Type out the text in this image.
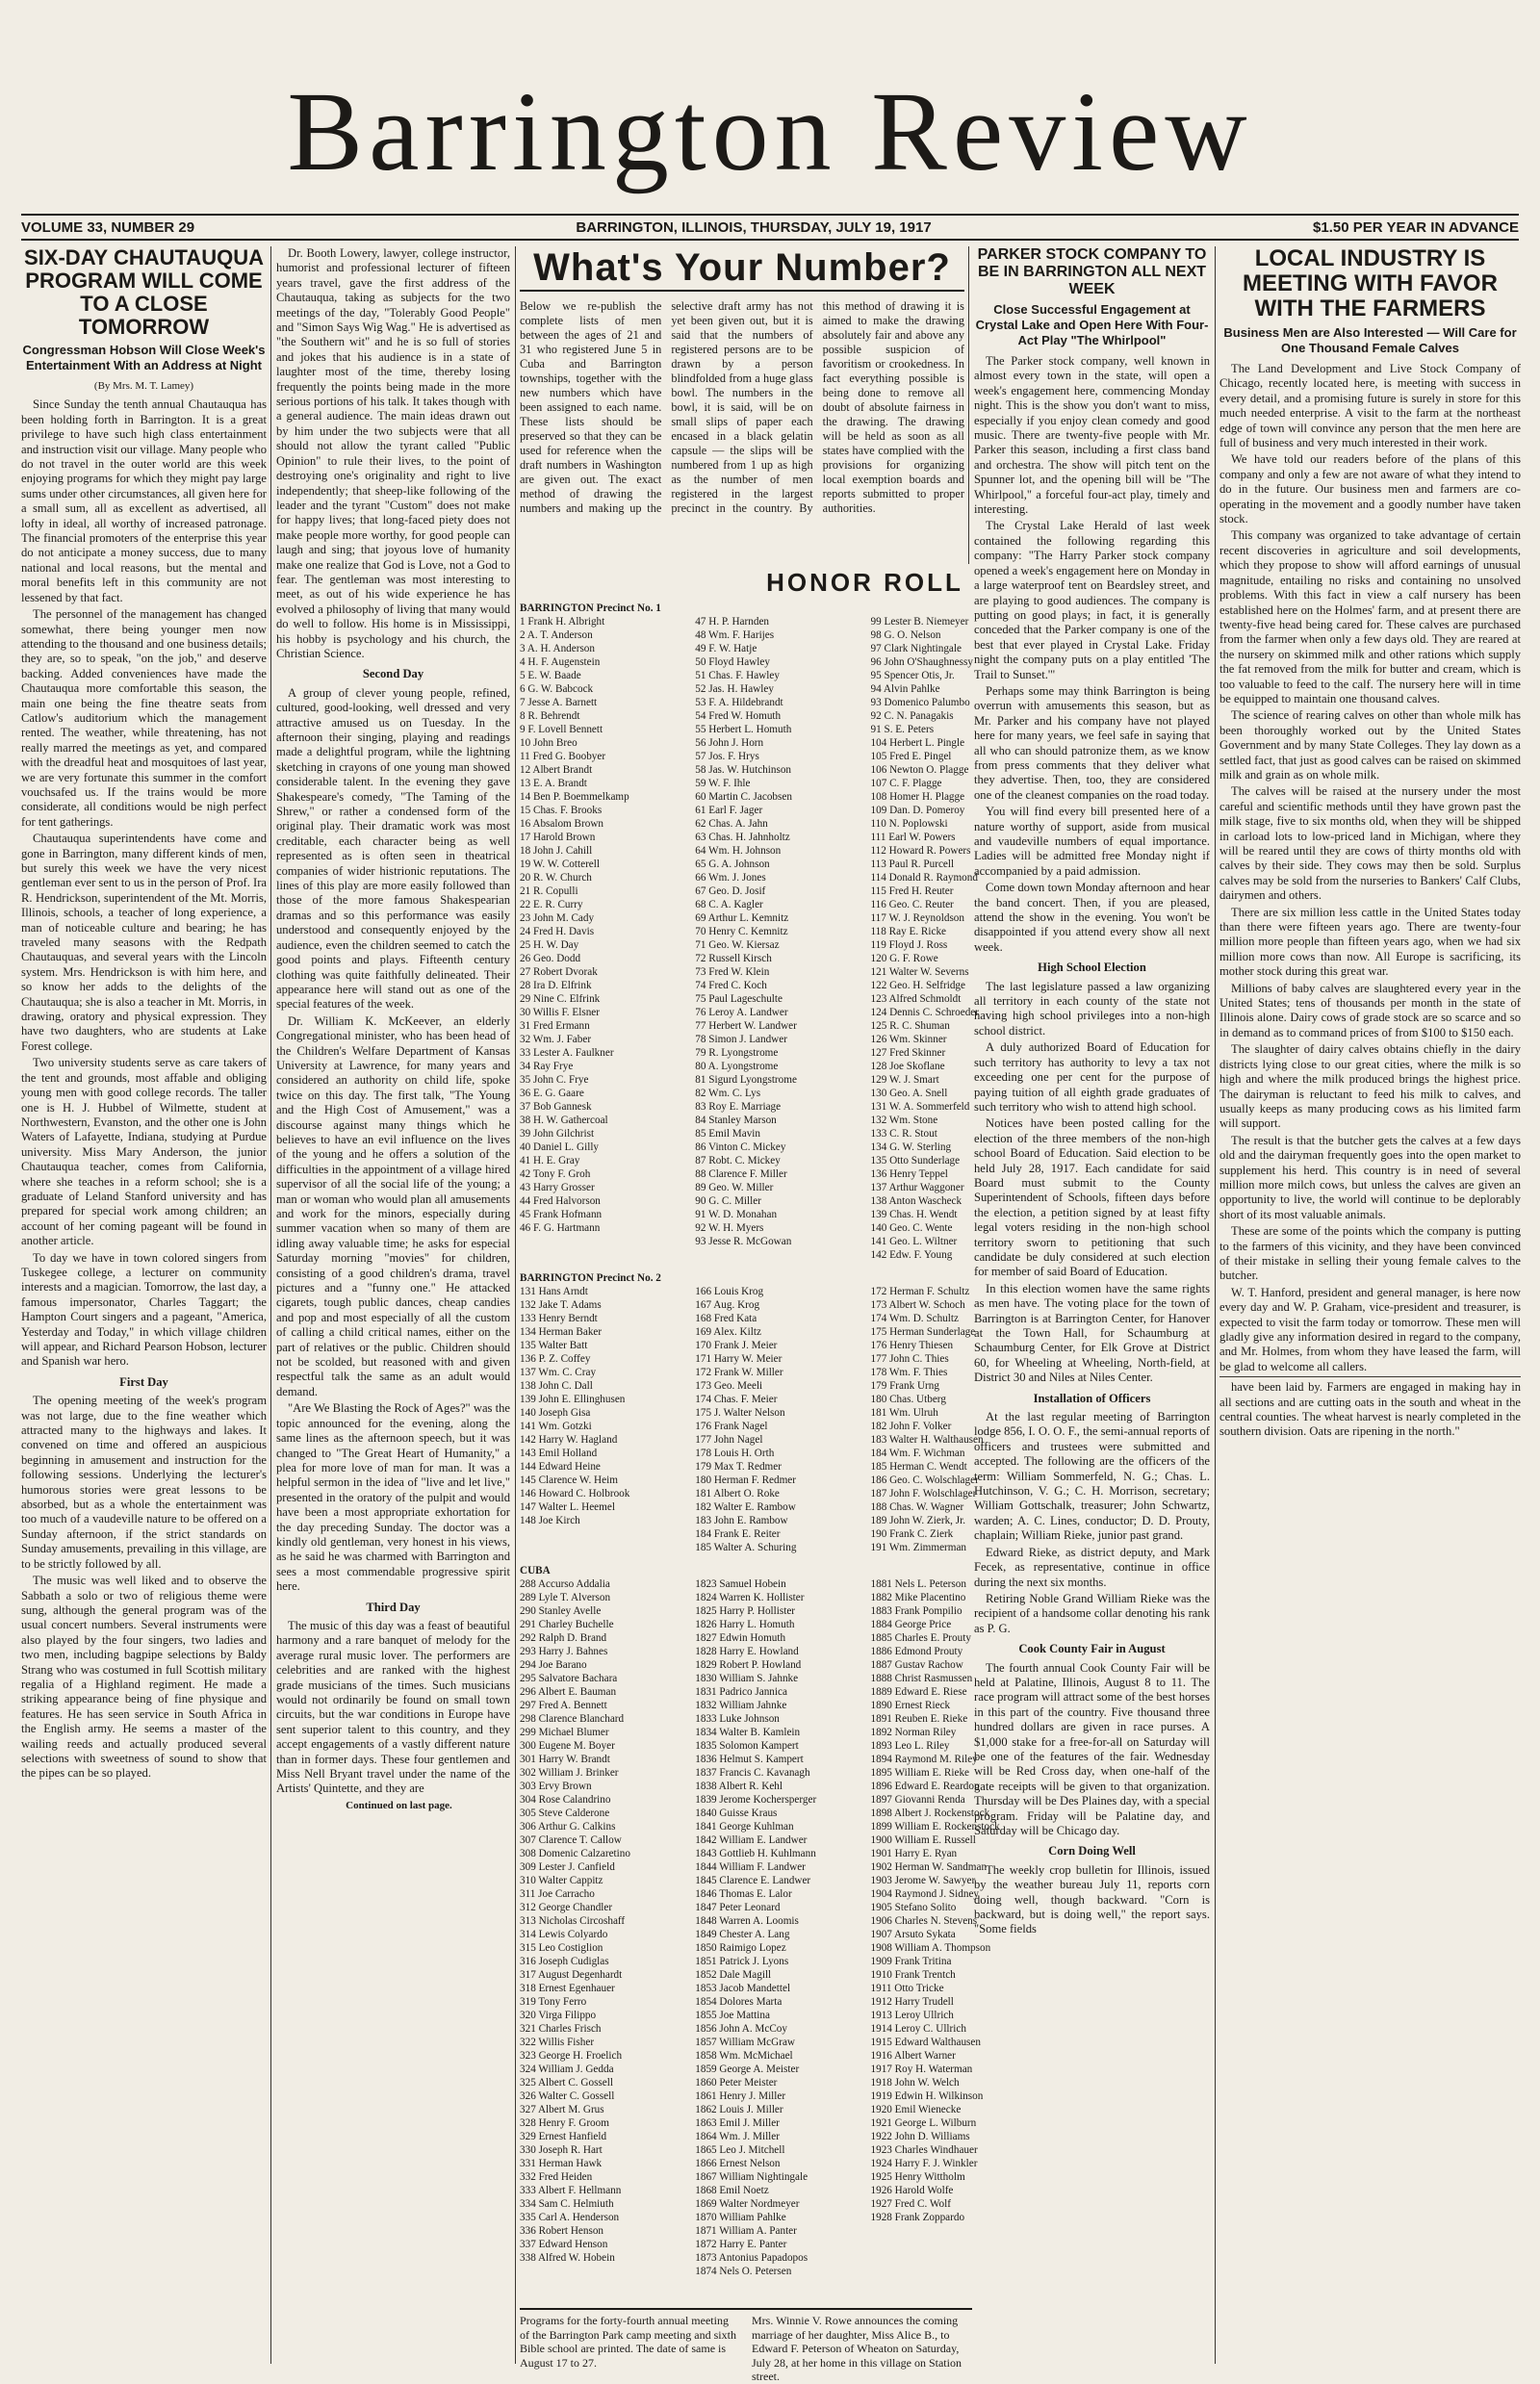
Barrington Review
VOLUME 33, NUMBER 29	BARRINGTON, ILLINOIS, THURSDAY, JULY 19, 1917	$1.50 PER YEAR IN ADVANCE
SIX-DAY CHAUTAUQUA PROGRAM WILL COME TO A CLOSE TOMORROW
Congressman Hobson Will Close Week's Entertainment With an Address at Night
(By Mrs. M. T. Lamey)

Since Sunday the tenth annual Chautauqua has been holding forth in Barrington. It is a great privilege to have such high class entertainment and instruction visit our village. Many people who do not travel in the outer world are this week enjoying programs for which they might pay large sums under other circumstances, all given here for a small sum, all as excellent as advertised, all lofty in ideal, all worthy of increased patronage. The financial promoters of the enterprise this year do not anticipate a money success, due to many national and local reasons, but the mental and moral benefits left in this community are not lessened by that fact.

The personnel of the management has changed somewhat, there being younger men now attending to the thousand and one business details; they are, so to speak, "on the job," and deserve backing. Added conveniences have made the Chautauqua more comfortable this season, the main one being the fine theatre seats from Catlow's auditorium which the management rented. The weather, while threatening, has not really marred the meetings as yet, and compared with the dreadful heat and mosquitoes of last year, we are very fortunate this summer in the comfort vouchsafed us. If the trains would be more considerate, all conditions would be nigh perfect for tent gatherings.

Chautauqua superintendents have come and gone in Barrington, many different kinds of men, but surely this week we have the very nicest gentleman ever sent to us in the person of Prof. Ira R. Hendrickson, superintendent of the Mt. Morris, Illinois, schools, a teacher of long experience, a man of noticeable culture and bearing; he has traveled many seasons with the Redpath Chautauquas, and several years with the Lincoln system. Mrs. Hendrickson is with him here, and so know her adds to the delights of the Chautauqua; she is also a teacher in Mt. Morris, in drawing, oratory and physical expression. They have two daughters, who are students at Lake Forest college.

Two university students serve as care takers of the tent and grounds, most affable and obliging young men with good college records. The taller one is H. J. Hubbel of Wilmette, student at Northwestern, Evanston, and the other one is John Waters of Lafayette, Indiana, studying at Purdue university. Miss Mary Anderson, the junior Chautauqua teacher, comes from California, where she teaches in a reform school; she is a graduate of Leland Stanford university and has prepared for special work among children; an account of her coming pageant will be found in another article.

To day we have in town colored singers from Tuskegee college, a lecturer on community interests and a magician. Tomorrow, the last day, a famous impersonator, Charles Taggart; the Hampton Court singers and a pageant, "America, Yesterday and Today," in which village children will appear, and Richard Pearson Hobson, lecturer and Spanish war hero.

First Day

The opening meeting of the week's program was not large, due to the fine weather which attracted many to the highways and lakes. It convened on time and offered an auspicious beginning in amusement and instruction for the following sessions. Underlying the lecturer's humorous stories were great lessons to be absorbed, but as a whole the entertainment was too much of a vaudeville nature to be offered on a Sunday afternoon, if the strict standards on Sunday amusements, prevailing in this village, are to be strictly followed by all.

The music was well liked and to observe the Sabbath a solo or two of religious theme were sung, although the general program was of the usual concert numbers. Several instruments were also played by the four singers, two ladies and two men, including bagpipe selections by Baldy Strang who was costumed in full Scottish military regalia of a Highland regiment. He made a striking appearance being of fine physique and features. He has seen service in South Africa in the English army. He seems a master of the wailing reeds and actually produced several selections with sweetness of sound to show that the pipes can be so played.

Dr. Booth Lowery, lawyer, college instructor, humorist and professional lecturer of fifteen years travel, gave the first address of the Chautauqua, taking as subjects for the two meetings of the day, "Tolerably Good People" and "Simon Says Wig Wag." He is advertised as "the Southern wit" and he is so full of stories and jokes that his audience is in a state of laughter most of the time, thereby losing frequently the points being made in the more serious portions of his talk. It takes though with a general audience. The main ideas drawn out by him under the two subjects were that all should not allow the tyrant called "Public Opinion" to rule their lives, to the point of destroying one's originality and right to live independently; that sheep-like following of the leader and the tyrant "Custom" does not make for happy lives; that long-faced piety does not make people more worthy, for good people can laugh and sing; that joyous love of humanity make one realize that God is Love, not a God to fear. The gentleman was most interesting to meet, as out of his wide experience he has evolved a philosophy of living that many would do well to follow. His home is in Mississippi, his hobby is psychology and his church, the Christian Science.

Second Day

A group of clever young people, refined, cultured, good-looking, well dressed and very attractive amused us on Tuesday. In the afternoon their singing, playing and readings made a delightful program, while the lightning sketching in crayons of one young man showed considerable talent. In the evening they gave Shakespeare's comedy, "The Taming of the Shrew," or rather a condensed form of the original play. Their dramatic work was most creditable, each character being as well represented as is often seen in theatrical companies of wider histrionic reputations. The lines of this play are more easily followed than those of the more famous Shakespearian dramas and so this performance was easily understood and consequently enjoyed by the audience, even the children seemed to catch the good points and plays. Fifteenth century clothing was quite faithfully delineated. Their appearance here will stand out as one of the special features of the week.

Dr. William K. McKeever, an elderly Congregational minister, who has been head of the Children's Welfare Department of Kansas University at Lawrence, for many years and considered an authority on child life, spoke twice on this day. The first talk, "The Young and the High Cost of Amusement," was a discourse against many things which he believes to have an evil influence on the lives of the young and he offers a solution of the difficulties in the appointment of a village hired supervisor of all the social life of the young; a man or woman who would plan all amusements and work for the minors, especially during summer vacation when so many of them are idling away valuable time; he asks for especial Saturday morning "movies" for children, consisting of a good children's drama, travel pictures and a "funny one." He attacked cigarets, tough public dances, cheap candies and pop and most especially of all the custom of calling a child critical names, either on the part of relatives or the public. Children should not be scolded, but reasoned with and given respectful talk the same as an adult would demand.

"Are We Blasting the Rock of Ages?" was the topic announced for the evening, along the same lines as the afternoon speech, but it was changed to "The Great Heart of Humanity," a plea for more love of man for man. It was a helpful sermon in the idea of "live and let live," presented in the oratory of the pulpit and would have been a most appropriate exhortation for the day preceding Sunday. The doctor was a kindly old gentleman, very honest in his views, as he said he was charmed with Barrington and sees a most commendable progressive spirit here.

Third Day

The music of this day was a feast of beautiful harmony and a rare banquet of melody for the average rural music lover. The performers are celebrities and are ranked with the highest grade musicians of the times. Such musicians would not ordinarily be found on small town circuits, but the war conditions in Europe have sent superior talent to this country, and they accept engagements of a vastly different nature than in former days. These four gentlemen and Miss Nell Bryant travel under the name of the Artists' Quintette, and they are

Continued on last page.

What's Your Number?
Below we re-publish the complete lists of men between the ages of 21 and 31 who registered June 5 in Cuba and Barrington townships, together with the new numbers which have been assigned to each name. These lists should be preserved so that they can be used for reference when the draft numbers in Washington are given out. The exact method of drawing the numbers and making up the selective draft army has not yet been given out, but it is said that the numbers of registered persons are to be drawn by a person blindfolded from a huge glass bowl. The numbers in the bowl, it is said, will be on small slips of paper each encased in a black gelatin capsule — the slips will be numbered from 1 up as high as the number of men registered in the largest precinct in the country. By this method of drawing it is aimed to make the drawing absolutely fair and above any possible suspicion of favoritism or crookedness. In fact everything possible is being done to remove all doubt of absolute fairness in the drawing. The drawing will be held as soon as all states have complied with the provisions for organizing local exemption boards and reports submitted to proper authorities.
HONOR ROLL
BARRINGTON Precinct No. 1
1 Frank H. Albright	47 H. P. Harnden	99 Lester B. Niemeyer
2 A. T. Anderson	48 Wm. F. Harijes	98 G. O. Nelson
3 A. H. Anderson	49 F. W. Hatje	97 Clark Nightingale
4 H. F. Augenstein	50 Floyd Hawley	96 John O'Shaughnessy
5 E. W. Baade	51 Chas. F. Hawley	95 Spencer Otis, Jr.
6 G. W. Babcock	52 Jas. H. Hawley	94 Alvin Pahlke
7 Jesse A. Barnett	53 F. A. Hildebrandt	93 Domenico Palumbo
8 R. Behrendt	54 Fred W. Homuth	92 C. N. Panagakis
9 F. Lovell Bennett	55 Herbert L. Homuth	91 S. E. Peters
10 John Breo	56 John J. Horn	104 Herbert L. Pingle
11 Fred G. Boobyer	57 Jos. F. Hrys	105 Fred E. Pingel
12 Albert Brandt	58 Jas. W. Hutchinson	106 Newton O. Plagge
13 E. A. Brandt	59 W. F. Ihle	107 C. F. Plagge
14 Ben P. Boemmelkamp	60 Martin C. Jacobsen	108 Homer H. Plagge
15 Chas. F. Brooks	61 Earl F. Jager	109 Dan. D. Pomeroy
16 Absalom Brown	62 Chas. A. Jahn	110 N. Poplowski
17 Harold Brown	63 Chas. H. Jahnholtz	111 Earl W. Powers
18 John J. Cahill	64 Wm. H. Johnson	112 Howard R. Powers
19 W. W. Cotterell	65 G. A. Johnson	113 Paul R. Purcell
20 R. W. Church	66 Wm. J. Jones	114 Donald R. Raymond
21 R. Copulli	67 Geo. D. Josif	115 Fred H. Reuter
22 E. R. Curry	68 C. A. Kagler	116 Geo. C. Reuter
23 John M. Cady	69 Arthur L. Kemnitz	117 W. J. Reynoldson
24 Fred H. Davis	70 Henry C. Kemnitz	118 Ray E. Ricke
25 H. W. Day	71 Geo. W. Kiersaz	119 Floyd J. Ross
26 Geo. Dodd	72 Russell Kirsch	120 G. F. Rowe
27 Robert Dvorak	73 Fred W. Klein	121 Walter W. Severns
28 Ira D. Elfrink	74 Fred C. Koch	122 Geo. H. Selfridge
29 Nine C. Elfrink	75 Paul Lageschulte	123 Alfred Schmoldt
30 Willis F. Elsner	76 Leroy A. Landwer	124 Dennis C. Schroeder
31 Fred Ermann	77 Herbert W. Landwer	125 R. C. Shuman
32 Wm. J. Faber	78 Simon J. Landwer	126 Wm. Skinner
33 Lester A. Faulkner	79 R. Lyongstrome	127 Fred Skinner
34 Ray Frye	80 A. Lyongstrome	128 Joe Skoflane
35 John C. Frye	81 Sigurd Lyongstrome	129 W. J. Smart
36 E. G. Gaare	82 Wm. C. Lys	130 Geo. A. Snell
37 Bob Gannesk	83 Roy E. Marriage	131 W. A. Sommerfeld
38 H. W. Gathercoal	84 Stanley Marson	132 Wm. Stone
39 John Gilchrist	85 Emil Mavin	133 C. R. Stout
40 Daniel L. Gilly	86 Vinton C. Mickey	134 G. W. Sterling
41 H. E. Gray	87 Robt. C. Mickey	135 Otto Sunderlage
42 Tony F. Groh	88 Clarence F. Miller	136 Henry Teppel
43 Harry Grosser	89 Geo. W. Miller	137 Arthur Waggoner
44 Fred Halvorson	90 G. C. Miller	138 Anton Wascheck
45 Frank Hofmann	91 W. D. Monahan	139 Chas. H. Wendt
46 F. G. Hartmann	92 W. H. Myers	140 Geo. C. Wente
93 Jesse R. McGowan	141 Geo. L. Wiltner
142 Edw. F. Young
BARRINGTON Precinct No. 2
131 Hans Arndt	166 Louis Krog	172 Herman F. Schultz
132 Jake T. Adams	167 Aug. Krog	173 Albert W. Schoch
133 Henry Berndt	168 Fred Kata	174 Wm. D. Schultz
134 Herman Baker	169 Alex. Kiltz	175 Herman Sunderlage
135 Walter Batt	170 Frank J. Meier	176 Henry Thiesen
136 P. Z. Coffey	171 Harry W. Meier	177 John C. Thies
137 Wm. C. Cray	172 Frank W. Miller	178 Wm. F. Thies
138 John C. Dall	173 Geo. Meeli	179 Frank Urng
139 John E. Ellinghusen	174 Chas. F. Meier	180 Chas. Utberg
140 Joseph Gisa	175 J. Walter Nelson	181 Wm. Ulruh
141 Wm. Gotzki	176 Frank Nagel	182 John F. Volker
142 Harry W. Hagland	177 John Nagel	183 Walter H. Walthausen
143 Emil Holland	178 Louis H. Orth	184 Wm. F. Wichman
144 Edward Heine	179 Max T. Redmer	185 Herman C. Wendt
145 Clarence W. Heim	180 Herman F. Redmer	186 Geo. C. Wolschlager
146 Howard C. Holbrook	181 Albert O. Roke	187 John F. Wolschlager
147 Walter L. Heemel	182 Walter E. Rambow	188 Chas. W. Wagner
148 Joe Kirch	183 John E. Rambow	189 John W. Zierk, Jr.
184 Frank E. Reiter	190 Frank C. Zierk
185 Walter A. Schuring	191 Wm. Zimmerman
CUBA
288 Accurso Addalia	1823 Samuel Hobein	1881 Nels L. Peterson
289 Lyle T. Alverson	1824 Warren K. Hollister	1882 Mike Placentino
290 Stanley Avelle	1825 Harry P. Hollister	1883 Frank Pompilio
291 Charley Buchelle	1826 Harry L. Homuth	1884 George Price
292 Ralph D. Brand	1827 Edwin Homuth	1885 Charles E. Prouty
293 Harry J. Bahnes	1828 Harry E. Howland	1886 Edmond Prouty
294 Joe Barano	1829 Robert P. Howland	1887 Gustav Rachow
295 Salvatore Bachara	1830 William S. Jahnke	1888 Christ Rasmussen
296 Albert E. Bauman	1831 Padrico Jannica	1889 Edward E. Riese
297 Fred A. Bennett	1832 William Jahnke	1890 Ernest Rieck
298 Clarence Blanchard	1833 Luke Johnson	1891 Reuben E. Rieke
299 Michael Blumer	1834 Walter B. Kamlein	1892 Norman Riley
300 Eugene M. Boyer	1835 Solomon Kampert	1893 Leo L. Riley
301 Harry W. Brandt	1836 Helmut S. Kampert	1894 Raymond M. Riley
302 William J. Brinker	1837 Francis C. Kavanagh	1895 William E. Rieke
303 Ervy Brown	1838 Albert R. Kehl	1896 Edward E. Reardon
304 Rose Calandrino	1839 Jerome Kochersperger	1897 Giovanni Renda
305 Steve Calderone	1840 Guisse Kraus	1898 Albert J. Rockenstock
306 Arthur G. Calkins	1841 George Kuhlman	1899 William E. Rockenstock
307 Clarence T. Callow	1842 William E. Landwer	1900 William E. Russell
308 Domenic Calzaretino	1843 Gottlieb H. Kuhlmann	1901 Harry E. Ryan
309 Lester J. Canfield	1844 William F. Landwer	1902 Herman W. Sandman
310 Walter Cappitz	1845 Clarence E. Landwer	1903 Jerome W. Sawyer
311 Joe Carracho	1846 Thomas E. Lalor	1904 Raymond J. Sidney
312 George Chandler	1847 Peter Leonard	1905 Stefano Solito
313 Nicholas Circoshaff	1848 Warren A. Loomis	1906 Charles N. Stevens
314 Lewis Colyardo	1849 Chester A. Lang	1907 Arsuto Sykata
315 Leo Costiglion	1850 Raimigo Lopez	1908 William A. Thompson
316 Joseph Cudiglas	1851 Patrick J. Lyons	1909 Frank Tritina
317 August Degenhardt	1852 Dale Magill	1910 Frank Trentch
318 Ernest Egenhauer	1853 Jacob Mandettel	1911 Otto Tricke
319 Tony Ferro	1854 Dolores Marta	1912 Harry Trudell
320 Virga Filippo	1855 Joe Mattina	1913 Leroy Ullrich
321 Charles Frisch	1856 John A. McCoy	1914 Leroy C. Ullrich
322 Willis Fisher	1857 William McGraw	1915 Edward Walthausen
323 George H. Froelich	1858 Wm. McMichael	1916 Albert Warner
324 William J. Gedda	1859 George A. Meister	1917 Roy H. Waterman
325 Albert C. Gossell	1860 Peter Meister	1918 John W. Welch
326 Walter C. Gossell	1861 Henry J. Miller	1919 Edwin H. Wilkinson
327 Albert M. Grus	1862 Louis J. Miller	1920 Emil Wienecke
328 Henry F. Groom	1863 Emil J. Miller	1921 George L. Wilburn
329 Ernest Hanfield	1864 Wm. J. Miller	1922 John D. Williams
330 Joseph R. Hart	1865 Leo J. Mitchell	1923 Charles Windhauer
331 Herman Hawk	1866 Ernest Nelson	1924 Harry F. J. Winkler
332 Fred Heiden	1867 William Nightingale	1925 Henry Wittholm
333 Albert F. Hellmann	1868 Emil Noetz	1926 Harold Wolfe
334 Sam C. Helmiuth	1869 Walter Nordmeyer	1927 Fred C. Wolf
335 Carl A. Henderson	1870 William Pahlke	1928 Frank Zoppardo
336 Robert Henson	1871 William A. Panter
337 Edward Henson	1872 Harry E. Panter
338 Alfred W. Hobein	1873 Antonius Papadopos
1874 Nels O. Petersen
Programs for the forty-fourth annual meeting of the Barrington Park camp meeting and sixth Bible school are printed. The date of same is August 17 to 27.
Mrs. Winnie V. Rowe announces the coming marriage of her daughter, Miss Alice B., to Edward F. Peterson of Wheaton on Saturday, July 28, at her home in this village on Station street.
PARKER STOCK COMPANY TO BE IN BARRINGTON ALL NEXT WEEK
Close Successful Engagement at Crystal Lake and Open Here With Four-Act Play "The Whirlpool"

The Parker stock company, well known in almost every town in the state, will open a week's engagement here, commencing Monday night. This is the show you don't want to miss, especially if you enjoy clean comedy and good music. There are twenty-five people with Mr. Parker this season, including a first class band and orchestra. The show will pitch tent on the Spunner lot, and the opening bill will be "The Whirlpool," a forceful four-act play, timely and interesting.

The Crystal Lake Herald of last week contained the following regarding this company: "The Harry Parker stock company opened a week's engagement here on Monday in a large waterproof tent on Beardsley street, and are playing to good audiences. The company is putting on good plays; in fact, it is generally conceded that the Parker company is one of the best that ever played in Crystal Lake. Friday night the company puts on a play entitled 'The Trail to Sunset.'"

Perhaps some may think Barrington is being overrun with amusements this season, but as Mr. Parker and his company have not played here for many years, we feel safe in saying that all who can should patronize them, as we know from press comments that they deliver what they advertise. Then, too, they are considered one of the cleanest companies on the road today.

You will find every bill presented here of a nature worthy of support, aside from musical and vaudeville numbers of equal importance. Ladies will be admitted free Monday night if accompanied by a paid admission.

Come down town Monday afternoon and hear the band concert. Then, if you are pleased, attend the show in the evening. You won't be disappointed if you attend every show all next week.

High School Election

The last legislature passed a law organizing all territory in each county of the state not having high school privileges into a non-high school district.

A duly authorized Board of Education for such territory has authority to levy a tax not exceeding one per cent for the purpose of paying tuition of all eighth grade graduates of such territory who wish to attend high school.

Notices have been posted calling for the election of the three members of the non-high school Board of Education. Said election to be held July 28, 1917. Each candidate for said Board must submit to the County Superintendent of Schools, fifteen days before the election, a petition signed by at least fifty legal voters residing in the non-high school territory sworn to petitioning that such candidate be duly considered at such election for member of said Board of Education.

In this election women have the same rights as men have. The voting place for the town of Barrington is at Barrington Center, for Hanover at the Town Hall, for Schaumburg at Schaumburg Center, for Elk Grove at District 60, for Wheeling at Wheeling, North-field, at District 30 and Niles at Niles Center.

Installation of Officers

At the last regular meeting of Barrington lodge 856, I. O. O. F., the semi-annual reports of officers and trustees were submitted and accepted. The following are the officers of the term: William Sommerfeld, N. G.; Chas. L. Hutchinson, V. G.; C. H. Morrison, secretary; William Gottschalk, treasurer; John Schwartz, warden; A. C. Lines, conductor; D. D. Prouty, chaplain; William Rieke, junior past grand.

Edward Rieke, as district deputy, and Mark Fecek, as representative, continue in office during the next six months.

Retiring Noble Grand William Rieke was the recipient of a handsome collar denoting his rank as P. G.

Cook County Fair in August

The fourth annual Cook County Fair will be held at Palatine, Illinois, August 8 to 11. The race program will attract some of the best horses in this part of the country. Five thousand three hundred dollars are given in race purses. A $1,000 stake for a free-for-all on Saturday will be one of the features of the fair. Wednesday will be Red Cross day, when one-half of the gate receipts will be given to that organization. Thursday will be Des Plaines day, with a special program. Friday will be Palatine day, and Saturday will be Chicago day.

Corn Doing Well

The weekly crop bulletin for Illinois, issued by the weather bureau July 11, reports corn doing well, though backward. "Corn is backward, but is doing well," the report says. "Some fields

LOCAL INDUSTRY IS MEETING WITH FAVOR WITH THE FARMERS
Business Men are Also Interested — Will Care for One Thousand Female Calves

The Land Development and Live Stock Company of Chicago, recently located here, is meeting with success in every detail, and a promising future is surely in store for this much needed enterprise. A visit to the farm at the northeast edge of town will convince any person that the men here are full of business and very much interested in their work.

We have told our readers before of the plans of this company and only a few are not aware of what they intend to do in the future. Our business men and farmers are co-operating in the movement and a goodly number have taken stock.

This company was organized to take advantage of certain recent discoveries in agriculture and soil developments, which they propose to show will afford earnings of unusual magnitude, entailing no risks and containing no unsolved problems. With this fact in view a calf nursery has been established here on the Holmes' farm, and at present there are twenty-five head being cared for. These calves are purchased from the farmer when only a few days old. They are reared at the nursery on skimmed milk and other rations which supply the fat removed from the milk for butter and cream, which is too valuable to feed to the calf. The nursery here will in time be equipped to maintain one thousand calves.

The science of rearing calves on other than whole milk has been thoroughly worked out by the United States Government and by many State Colleges. They lay down as a settled fact, that just as good calves can be raised on skimmed milk and grain as on whole milk.

The calves will be raised at the nursery under the most careful and scientific methods until they have grown past the milk stage, five to six months old, when they will be shipped in carload lots to low-priced land in Michigan, where they will be reared until they are cows of thirty months old with calves by their side. They cows may then be sold. Surplus calves may be sold from the nurseries to Bankers' Calf Clubs, dairymen and others.

There are six million less cattle in the United States today than there were fifteen years ago. There are twenty-four million more people than fifteen years ago, when we had six million more cows than now. All Europe is sacrificing, its mother stock during this great war.

Millions of baby calves are slaughtered every year in the United States; tens of thousands per month in the state of Illinois alone. Dairy cows of grade stock are so scarce and so in demand as to command prices of from $100 to $150 each.

The slaughter of dairy calves obtains chiefly in the dairy districts lying close to our great cities, where the milk is so high and where the milk produced brings the highest price. The dairyman is reluctant to feed his milk to calves, and usually keeps as many producing cows as his limited farm will support.

The result is that the butcher gets the calves at a few days old and the dairyman frequently goes into the open market to supplement his herd. This country is in need of several million more milch cows, but unless the calves are given an opportunity to live, the world will continue to be deplorably short of its most valuable animals.

These are some of the points which the company is putting to the farmers of this vicinity, and they have been convinced of their mistake in selling their young female calves to the butcher.

W. T. Hanford, president and general manager, is here now every day and W. P. Graham, vice-president and treasurer, is expected to visit the farm today or tomorrow. These men will gladly give any information desired in regard to the company, and Mr. Holmes, from whom they have leased the farm, will be glad to welcome all callers.

have been laid by. Farmers are engaged in making hay in all sections and are cutting oats in the south and wheat in the central counties. The wheat harvest is nearly completed in the southern division. Oats are ripening in the north."
